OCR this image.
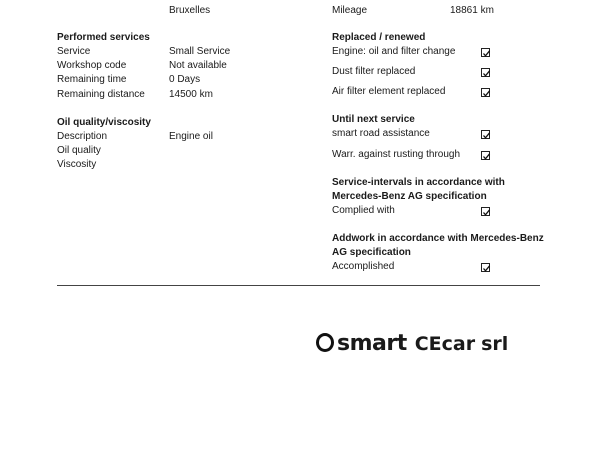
Bruxelles	Mileage	18861 km
Performed services
Service	Small Service
Workshop code	Not available
Remaining time	0 Days
Remaining distance 14500 km
Oil quality/viscosity
Description	Engine oil
Oil quality
Viscosity
Replaced / renewed
Engine: oil and filter change
Dust filter replaced
Air filter element replaced
Until next service
smart road assistance
Warr. against rusting through
Service-intervals in accordance with
Mercedes-Benz AG specification
Complied with
Addwork in accordance with Mercedes-Benz
AG specification
Accomplished
smart CEcar srl
